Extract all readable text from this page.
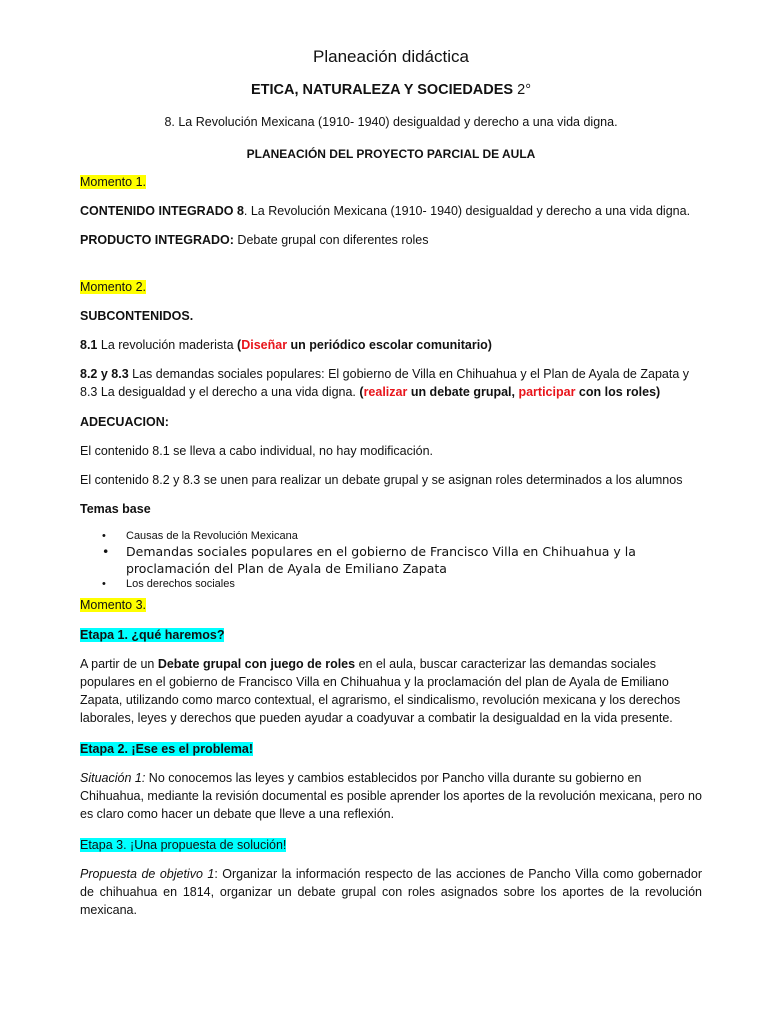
Planeación didáctica

ETICA, NATURALEZA Y SOCIEDADES 2°

8. La Revolución Mexicana (1910- 1940) desigualdad y derecho a una vida digna.

PLANEACIÓN DEL PROYECTO PARCIAL DE AULA

Momento 1.

CONTENIDO INTEGRADO 8. La Revolución Mexicana (1910- 1940) desigualdad y derecho a una vida digna.

PRODUCTO INTEGRADO: Debate grupal con diferentes roles

Momento 2.

SUBCONTENIDOS.

8.1 La revolución maderista (Diseñar un periódico escolar comunitario)

8.2 y 8.3 Las demandas sociales populares: El gobierno de Villa en Chihuahua y el Plan de Ayala de Zapata y 8.3 La desigualdad y el derecho a una vida digna. (realizar un debate grupal, participar con los roles)

ADECUACION:

El contenido 8.1 se lleva a cabo individual, no hay modificación.

El contenido 8.2 y 8.3 se unen para realizar un debate grupal y se asignan roles determinados a los alumnos

Temas base

• Causas de la Revolución Mexicana
• Demandas sociales populares en el gobierno de Francisco Villa en Chihuahua y la proclamación del Plan de Ayala de Emiliano Zapata
• Los derechos sociales

Momento 3.

Etapa 1. ¿qué haremos?

A partir de un Debate grupal con juego de roles en el aula, buscar caracterizar las demandas sociales populares en el gobierno de Francisco Villa en Chihuahua y la proclamación del plan de Ayala de Emiliano Zapata, utilizando como marco contextual, el agrarismo, el sindicalismo, revolución mexicana y los derechos laborales, leyes y derechos que pueden ayudar a coadyuvar a combatir la desigualdad en la vida presente.

Etapa 2. ¡Ese es el problema!

Situación 1: No conocemos las leyes y cambios establecidos por Pancho villa durante su gobierno en Chihuahua, mediante la revisión documental es posible aprender los aportes de la revolución mexicana, pero no es claro como hacer un debate que lleve a una reflexión.

Etapa 3. ¡Una propuesta de solución!

Propuesta de objetivo 1: Organizar la información respecto de las acciones de Pancho Villa como gobernador de chihuahua en 1814, organizar un debate grupal con roles asignados sobre los aportes de la revolución mexicana.
